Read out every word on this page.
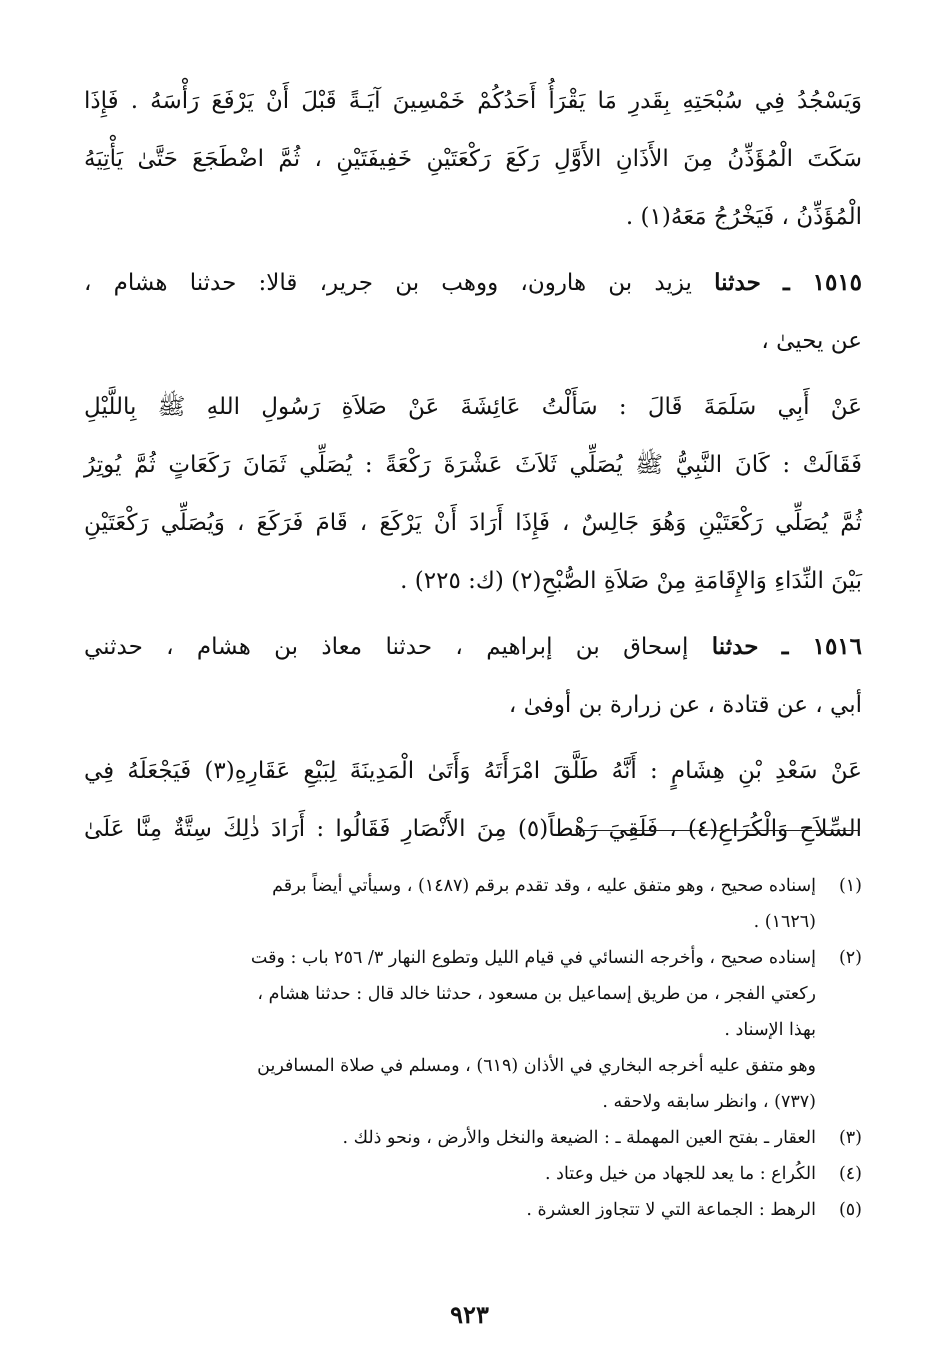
وَيَسْجُدُ فِي سُبْحَتِهِ بِقَدرِ مَا يَقْرَأُ أَحَدُكُمْ خَمْسِينَ آيَـةً قَبْلَ أَنْ يَرْفَعَ رَأْسَهُ . فَإِذَا
سَكَتَ الْمُؤَذِّنُ مِنَ الأَذَانِ الأَوَّلِ رَكَعَ رَكْعَتَيْنِ خَفِيفَتَيْنِ ، ثُمَّ اضْطَجَعَ حَتَّىٰ يَأْتِيَهُ
الْمُؤَذِّنُ ، فَيَخْرُجُ مَعَهُ(١) .
١٥١٥ ـ حدثنا يزيد بن هارون، ووهب بن جرير، قالا: حدثنا هشام ،
عن يحيىٰ ،
عَنْ أَبِي سَلَمَةَ قَالَ : سَأَلْتُ عَائِشَةَ عَنْ صَلاَةِ رَسُولِ اللهِ ﷺ بِاللَّيْلِ
فَقَالَتْ : كَانَ النَّبِيُّ ﷺ يُصَلِّي ثَلاَثَ عَشْرَةَ رَكْعَةً : يُصَلِّي ثَمَانَ رَكَعَاتٍ ثُمَّ يُوتِرُ
ثُمَّ يُصَلِّي رَكْعَتَيْنِ وَهُوَ جَالِسٌ ، فَإِذَا أَرَادَ أَنْ يَرْكَعَ ، قَامَ فَرَكَعَ ، وَيُصَلِّي رَكْعَتَيْنِ
بَيْنَ النِّدَاءِ وَالإِقَامَةِ مِنْ صَلاَةِ الصُّبْحِ(٢) (ك: ٢٢٥) .
١٥١٦ ـ حدثنا إسحاق بن إبراهيم ، حدثنا معاذ بن هشام ، حدثني
أبي ، عن قتادة ، عن زرارة بن أوفىٰ ،
عَنْ سَعْدِ بْنِ هِشَامٍ : أَنَّهُ طَلَّقَ امْرَأَتَهُ وَأَتَىٰ الْمَدِينَةَ لِبَيْعِ عَقَارِهِ(٣) فَيَجْعَلَهُ فِي
السِّلاَحِ وَالْكُرَاعِ(٤) ، فَلَقِيَ رَهْطاً(٥) مِنَ الأَنْصَارِ فَقَالُوا : أَرَادَ ذٰلِكَ سِتَّةٌ مِنَّا عَلَىٰ
(١)
إسناده صحيح ، وهو متفق عليه ، وقد تقدم برقم (١٤٨٧) ، وسيأتي أيضاً برقم
(١٦٢٦) .
(٢)
إسناده صحيح ، وأخرجه النسائي في قيام الليل وتطوع النهار ٣/ ٢٥٦ باب : وقت
ركعتي الفجر ، من طريق إسماعيل بن مسعود ، حدثنا خالد قال : حدثنا هشام ،
بهذا الإسناد .
وهو متفق عليه أخرجه البخاري في الأذان (٦١٩) ، ومسلم في صلاة المسافرين
(٧٣٧) ، وانظر سابقه ولاحقه .
(٣)
العقار ـ بفتح العين المهملة ـ : الضيعة والنخل والأرض ، ونحو ذلك .
(٤)
الكُراع : ما يعد للجهاد من خيل وعتاد .
(٥)
الرهط : الجماعة التي لا تتجاوز العشرة .
٩٢٣
